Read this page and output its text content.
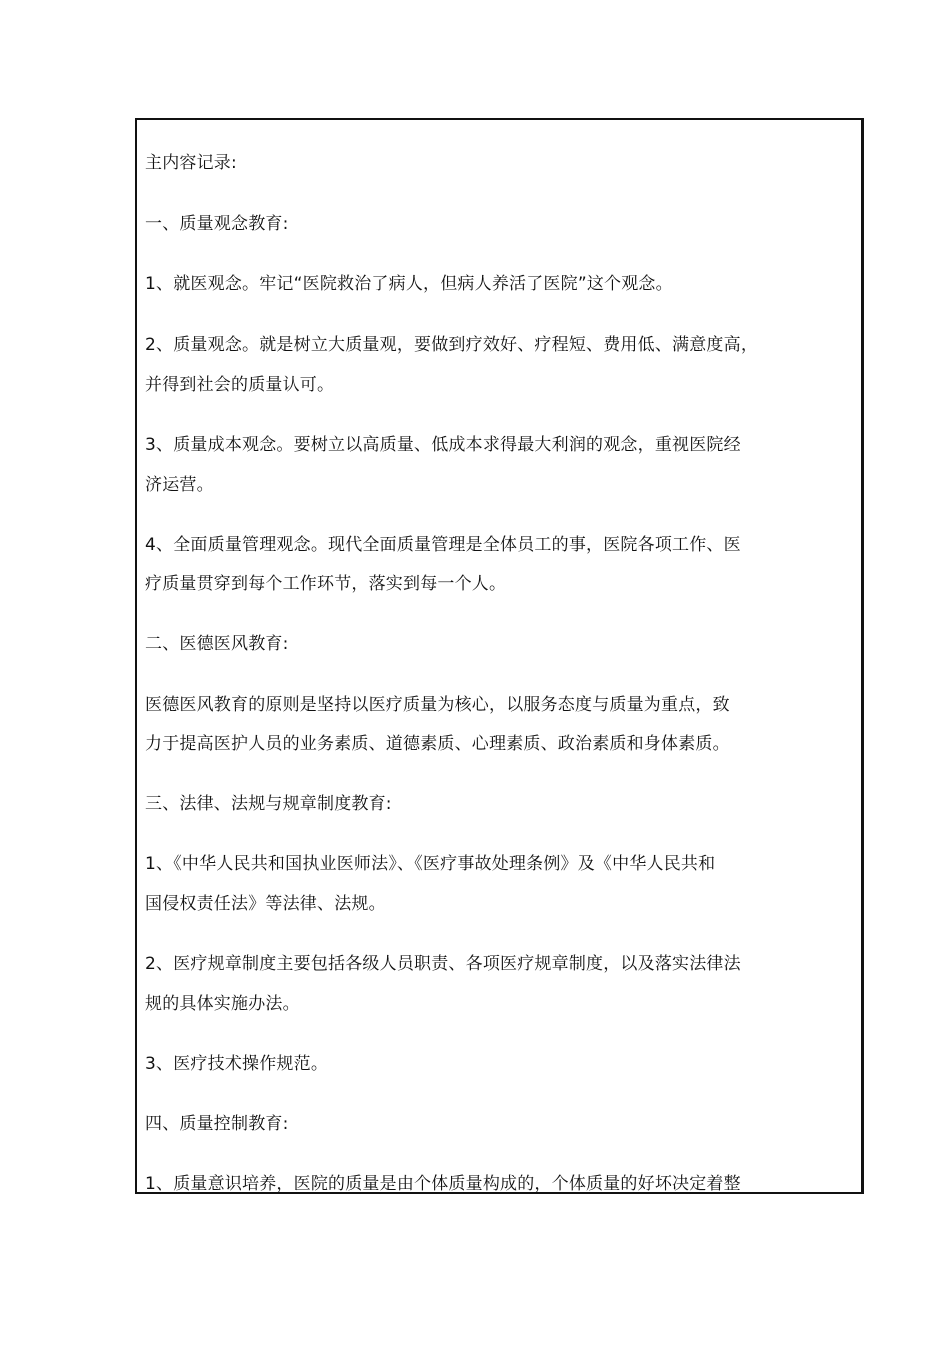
主内容记录:
一、质量观念教育:
1、就医观念。牢记“医院救治了病人，但病人养活了医院”这个观念。
2、质量观念。就是树立大质量观，要做到疗效好、疗程短、费用低、满意度高，
并得到社会的质量认可。
3、质量成本观念。要树立以高质量、低成本求得最大利润的观念，重视医院经
济运营。
4、全面质量管理观念。现代全面质量管理是全体员工的事，医院各项工作、医
疗质量贯穿到每个工作环节，落实到每一个人。
二、医德医风教育:
医德医风教育的原则是坚持以医疗质量为核心，以服务态度与质量为重点，致
力于提高医护人员的业务素质、道德素质、心理素质、政治素质和身体素质。
三、法律、法规与规章制度教育:
1、《中华人民共和国执业医师法》、《医疗事故处理条例》及《中华人民共和
国侵权责任法》等法律、法规。
2、医疗规章制度主要包括各级人员职责、各项医疗规章制度，以及落实法律法
规的具体实施办法。
3、医疗技术操作规范。
四、质量控制教育:
1、质量意识培养，医院的质量是由个体质量构成的，个体质量的好坏决定着整
